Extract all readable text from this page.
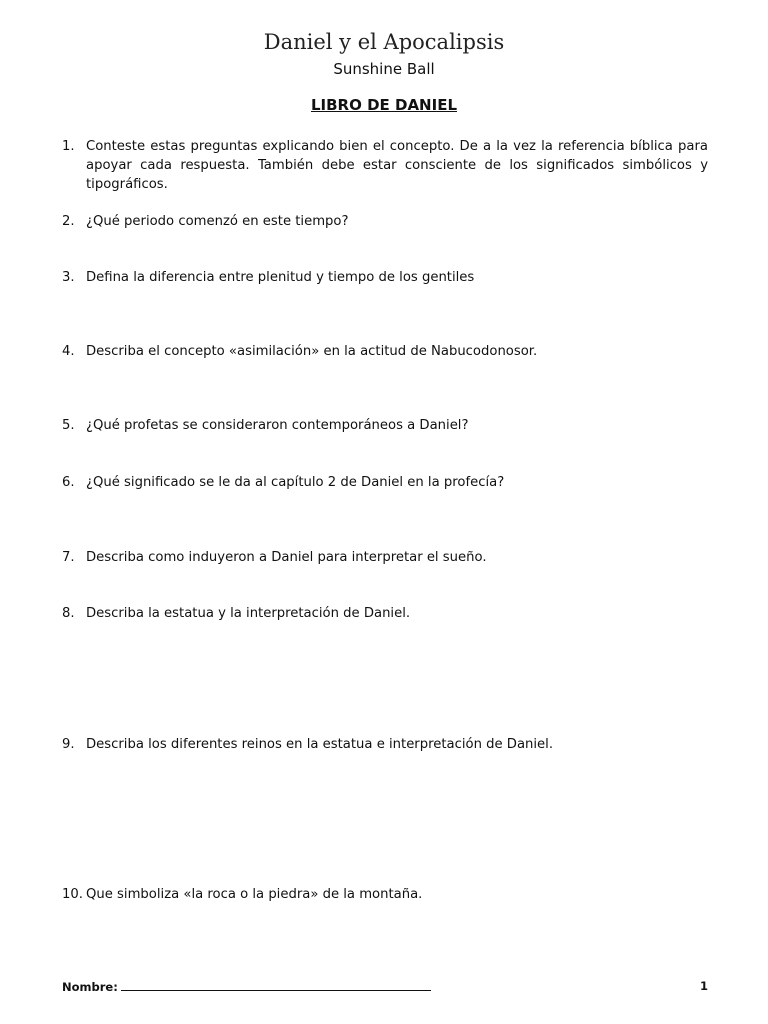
Daniel y el Apocalipsis
Sunshine Ball
LIBRO DE DANIEL
1. Conteste estas preguntas explicando bien el concepto. De a la vez la referencia bíblica para apoyar cada respuesta. También debe estar consciente de los significados simbólicos y tipográficos.
2. ¿Qué periodo comenzó en este tiempo?
3. Defina la diferencia entre plenitud y tiempo de los gentiles
4. Describa el concepto «asimilación» en la actitud de Nabucodonosor.
5. ¿Qué profetas se consideraron contemporáneos a Daniel?
6. ¿Qué significado se le da al capítulo 2 de Daniel en la profecía?
7. Describa como induyeron a Daniel para interpretar el sueño.
8. Describa la estatua y la interpretación de Daniel.
9. Describa los diferentes reinos en la estatua e interpretación de Daniel.
10. Que simboliza «la roca o la piedra» de la montaña.
Nombre:	1
